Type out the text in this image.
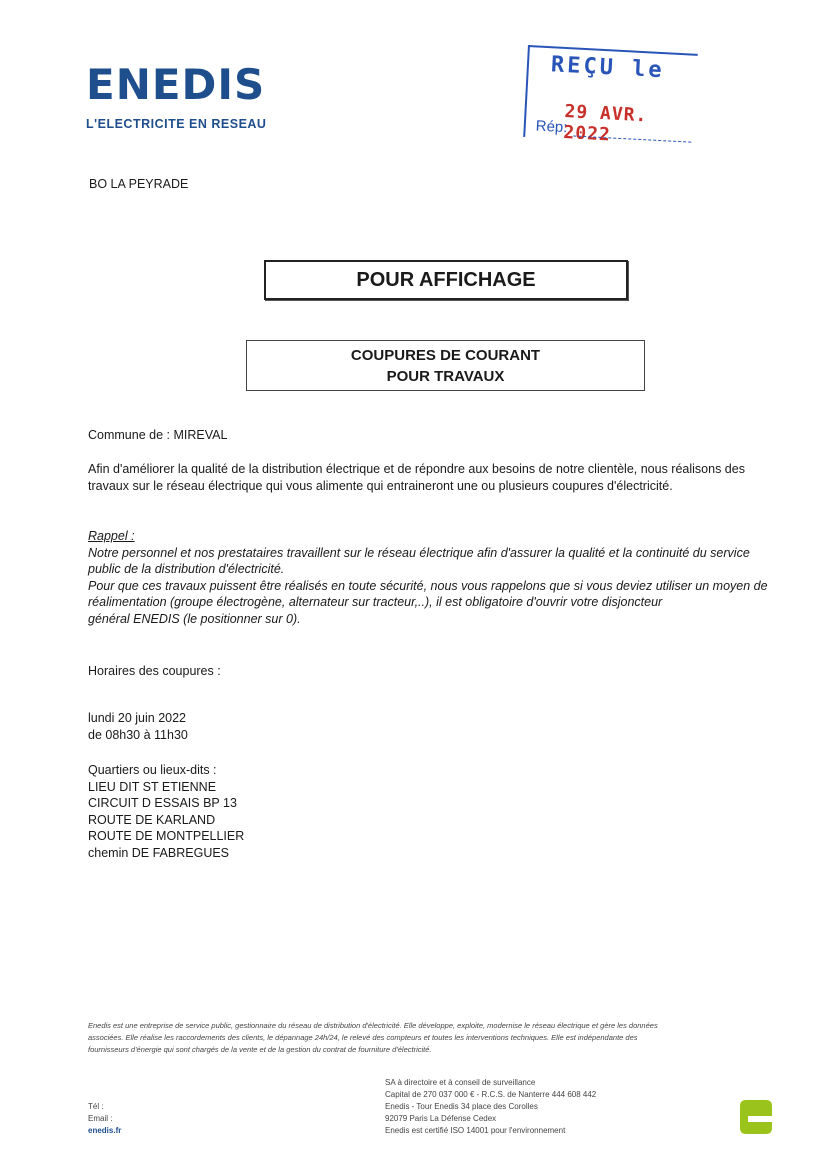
ENEDIS
L'ELECTRICITE EN RESEAU
REÇU le
29 AVR. 2022
Rép:
BO LA PEYRADE
POUR AFFICHAGE
COUPURES DE COURANT
POUR TRAVAUX
Commune de : MIREVAL
Afin d'améliorer la qualité de la distribution électrique et de répondre aux besoins de notre clientèle, nous réalisons des
travaux sur le réseau électrique qui vous alimente qui entraineront une ou plusieurs coupures d'électricité.
Rappel :
Notre personnel et nos prestataires travaillent sur le réseau électrique afin d'assurer la qualité et la continuité du service
public de la distribution d'électricité.
Pour que ces travaux puissent être réalisés en toute sécurité, nous vous rappelons que si vous deviez utiliser un moyen de
réalimentation (groupe électrogène, alternateur sur tracteur,..), il est obligatoire d'ouvrir votre disjoncteur
général ENEDIS (le positionner sur 0).
Horaires des coupures :
lundi 20 juin 2022
de 08h30 à 11h30
Quartiers ou lieux-dits :
LIEU DIT ST ETIENNE
CIRCUIT D ESSAIS BP 13
ROUTE DE KARLAND
ROUTE DE MONTPELLIER
chemin DE FABREGUES
Enedis est une entreprise de service public, gestionnaire du réseau de distribution d'électricité. Elle développe, exploite, modernise le réseau électrique et gère les données
associées. Elle réalise les raccordements des clients, le dépannage 24h/24, le relevé des compteurs et toutes les interventions techniques. Elle est indépendante des
fournisseurs d'énergie qui sont chargés de la vente et de la gestion du contrat de fourniture d'électricité.
Tél :
Email :
enedis.fr
SA à directoire et à conseil de surveillance
Capital de 270 037 000 € - R.C.S. de Nanterre 444 608 442
Enedis - Tour Enedis 34 place des Corolles
92079 Paris La Défense Cedex
Enedis est certifié ISO 14001 pour l'environnement
